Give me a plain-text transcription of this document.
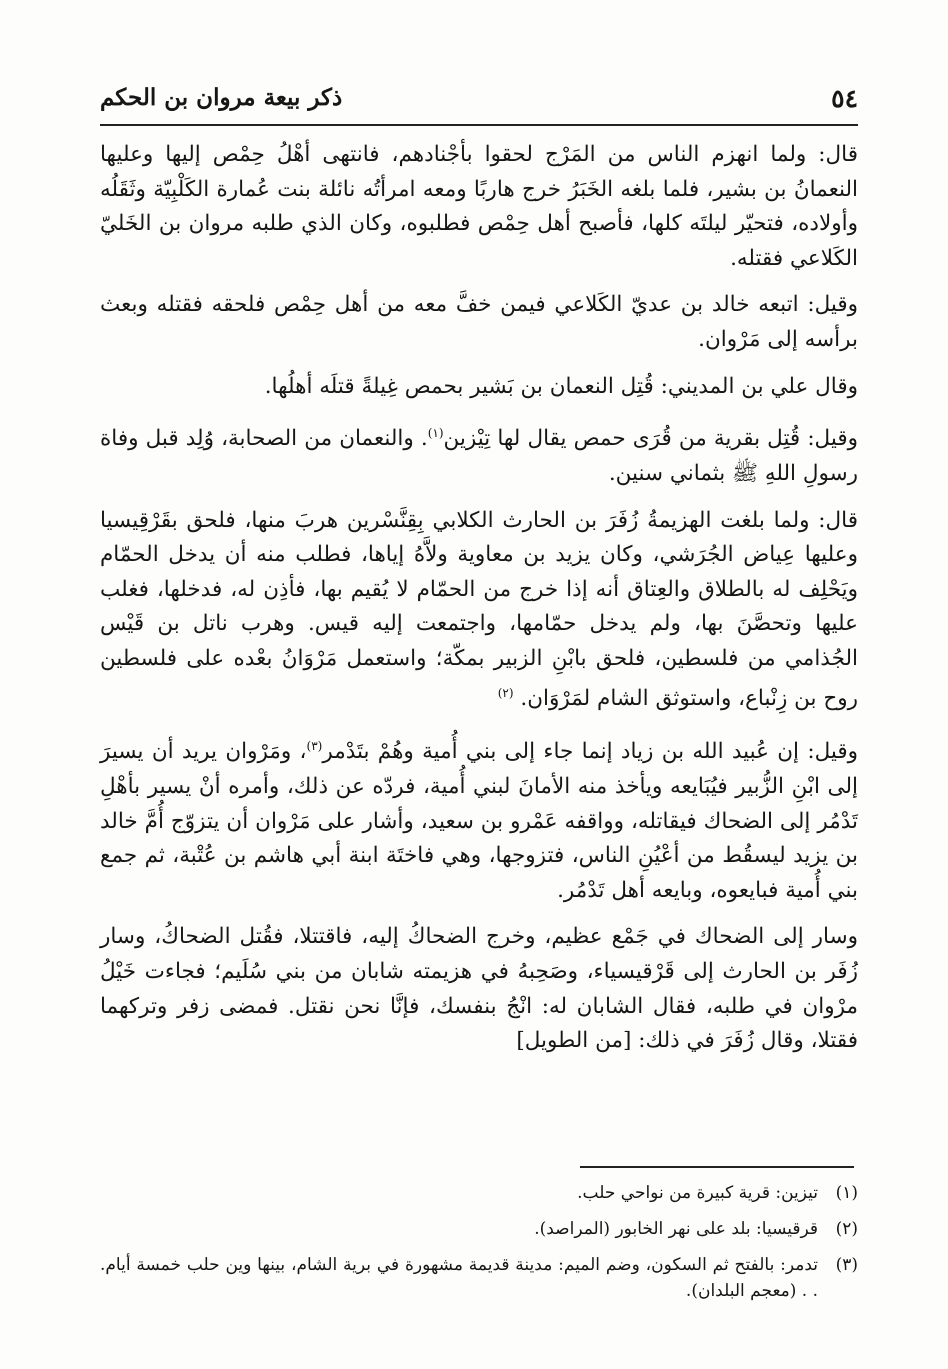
٥٤
ذكر بيعة مروان بن الحكم

قال: ولما انهزم الناس من المَرْج لحقوا بأجْنادهم، فانتهى أهْلُ حِمْص إليها وعليها النعمانُ بن بشير، فلما بلغه الخَبَرُ خرج هاربًا ومعه امرأتُه نائلة بنت عُمارة الكَلْبِيّة وثَقَلُه وأولاده، فتحيّر ليلتَه كلها، فأصبح أهل حِمْص فطلبوه، وكان الذي طلبه مروان بن الخَليّ الكَلاعي فقتله.

وقيل: اتبعه خالد بن عديّ الكَلاعي فيمن خفَّ معه من أهل حِمْص فلحقه فقتله وبعث برأسه إلى مَرْوان.

وقال علي بن المديني: قُتِل النعمان بن بَشير بحمص غِيلةً قتلَه أهلُها.

وقيل: قُتِل بقرية من قُرَى حمص يقال لها تِيْزين$^{(١)}$. والنعمان من الصحابة، وُلِد قبل وفاة رسولِ اللهِ ﷺ بثماني سنين.

قال: ولما بلغت الهزيمةُ زُفَرَ بن الحارث الكلابي بِقِنَّسْرين هربَ منها، فلحق بقَرْقِيسيا وعليها عِياض الجُرَشي، وكان يزيد بن معاوية ولاَّهُ إياها، فطلب منه أن يدخل الحمّام ويَحْلِف له بالطلاق والعِتاق أنه إذا خرج من الحمّام لا يُقيم بها، فأذِن له، فدخلها، فغلب عليها وتحصَّنَ بها، ولم يدخل حمّامها، واجتمعت إليه قيس. وهرب ناتل بن قَيْس الجُذامي من فلسطين، فلحق بابْنِ الزبير بمكّة؛ واستعمل مَرْوَانُ بعْده على فلسطين روح بن زِنْباع، واستوثق الشام لمَرْوَان. $^{(٢)}$

وقيل: إن عُبيد الله بن زياد إنما جاء إلى بني أُمية وهُمْ بتَدْمر$^{(٣)}$، ومَرْوان يريد أن يسيرَ إلى ابْنِ الزُّبير فيُبَايعه ويأخذ منه الأمانَ لبني أُمية، فردّه عن ذلك، وأمره أنْ يسير بأهْلِ تَدْمُر إلى الضحاك فيقاتله، وواقفه عَمْرو بن سعيد، وأشار على مَرْوان أن يتزوّج أُمَّ خالد بن يزيد ليسقُط من أعْيُنِ الناس، فتزوجها، وهي فاختَة ابنة أبي هاشم بن عُتْبة، ثم جمع بني أُمية فبايعوه، وبايعه أهل تَدْمُر.

وسار إلى الضحاك في جَمْع عظيم، وخرج الضحاكُ إليه، فاقتتلا، فقُتل الضحاكُ، وسار زُفَر بن الحارث إلى قَرْقيسياء، وصَحِبهُ في هزيمته شابان من بني سُلَيم؛ فجاءت خَيْلُ مرْوان في طلبه، فقال الشابان له: انْجُ بنفسك، فإنَّا نحن نقتل. فمضى زفر وتركهما فقتلا، وقال زُفَرَ في ذلك: [من الطويل]

(١)
تيزين: قرية كبيرة من نواحي حلب.
(٢)
قرقيسيا: بلد على نهر الخابور (المراصد).
(٣)
تدمر: بالفتح ثم السكون، وضم الميم: مدينة قديمة مشهورة في برية الشام، بينها وين حلب خمسة أيام. . . (معجم البلدان).
